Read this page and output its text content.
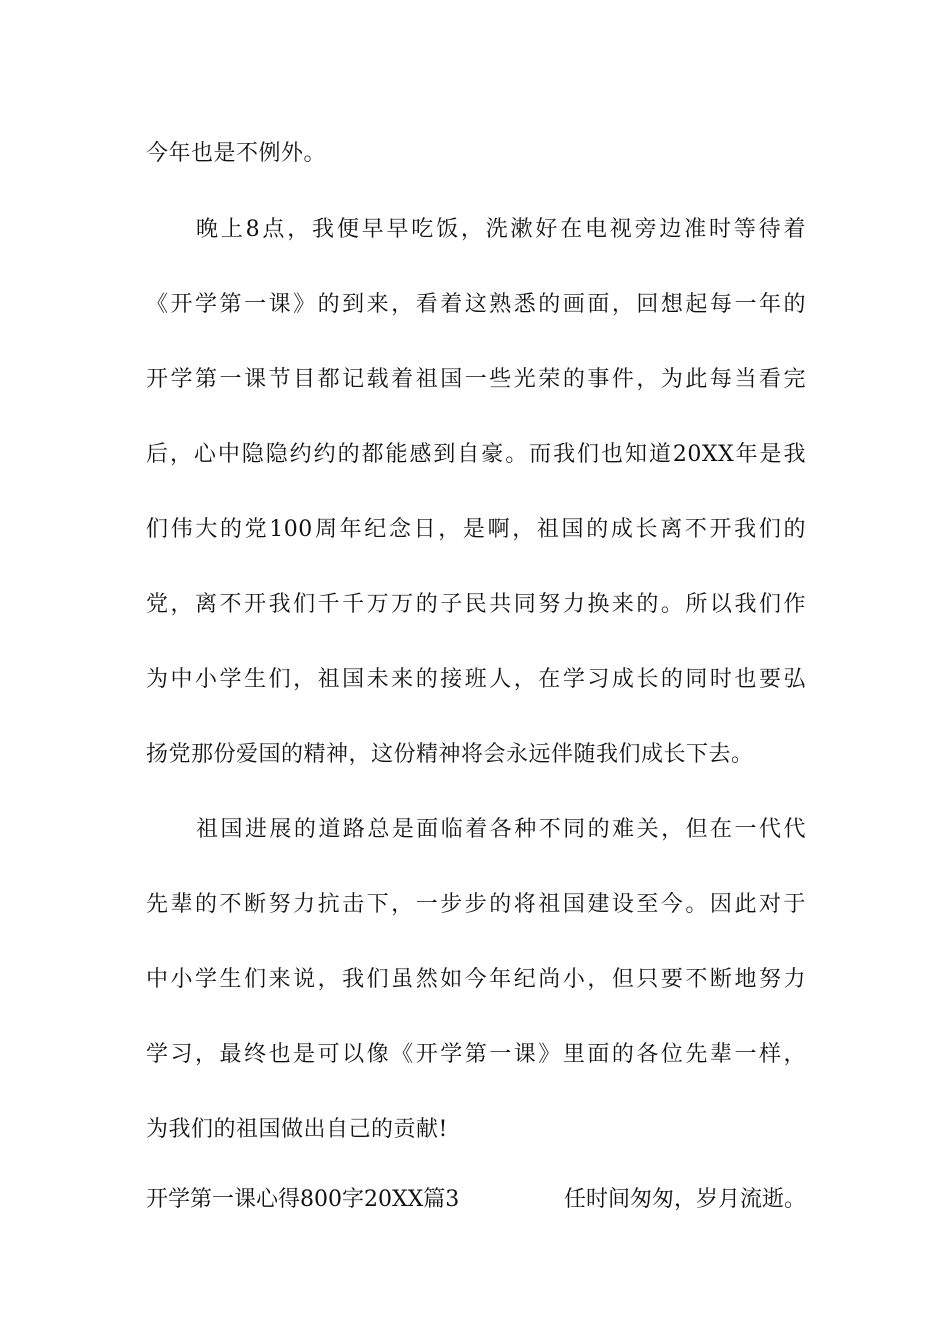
今年也是不例外。
晚上8点，我便早早吃饭，洗漱好在电视旁边准时等待着
《开学第一课》的到来，看着这熟悉的画面，回想起每一年的
开学第一课节目都记载着祖国一些光荣的事件，为此每当看完
后，心中隐隐约约的都能感到自豪。而我们也知道20XX年是我
们伟大的党100周年纪念日，是啊，祖国的成长离不开我们的
党，离不开我们千千万万的子民共同努力换来的。所以我们作
为中小学生们，祖国未来的接班人，在学习成长的同时也要弘
扬党那份爱国的精神，这份精神将会永远伴随我们成长下去。
祖国进展的道路总是面临着各种不同的难关，但在一代代
先辈的不断努力抗击下，一步步的将祖国建设至今。因此对于
中小学生们来说，我们虽然如今年纪尚小，但只要不断地努力
学习，最终也是可以像《开学第一课》里面的各位先辈一样，
为我们的祖国做出自己的贡献!
开学第一课心得800字20XX篇3	任时间匆匆，岁月流逝。
